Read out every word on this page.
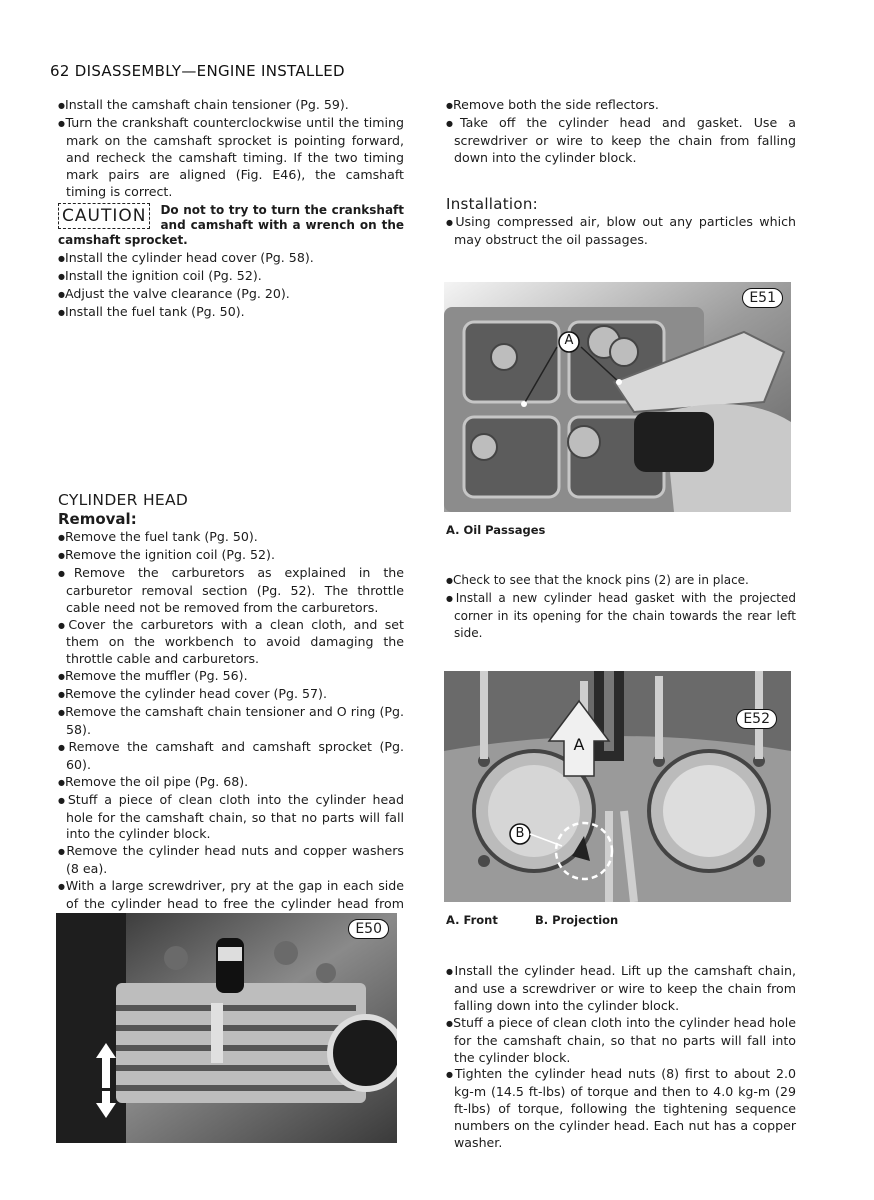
62 DISASSEMBLY—ENGINE INSTALLED

● Install the camshaft chain tensioner (Pg. 59).

● Turn the crankshaft counterclockwise until the timing mark on the camshaft sprocket is pointing forward, and recheck the camshaft timing. If the two timing mark pairs are aligned (Fig. E46), the camshaft timing is correct.

CAUTION	Do not to try to turn the crankshaft and camshaft with a wrench on the camshaft sprocket.

● Install the cylinder head cover (Pg. 58).

● Install the ignition coil (Pg. 52).

● Adjust the valve clearance (Pg. 20).

● Install the fuel tank (Pg. 50).

CYLINDER HEAD
Removal:

● Remove the fuel tank (Pg. 50).

● Remove the ignition coil (Pg. 52).

● Remove the carburetors as explained in the carburetor removal section (Pg. 52). The throttle cable need not be removed from the carburetors.

● Cover the carburetors with a clean cloth, and set them on the workbench to avoid damaging the throttle cable and carburetors.

● Remove the muffler (Pg. 56).

● Remove the cylinder head cover (Pg. 57).

● Remove the camshaft chain tensioner and O ring (Pg. 58).

● Remove the camshaft and camshaft sprocket (Pg. 60).

● Remove the oil pipe (Pg. 68).

● Stuff a piece of clean cloth into the cylinder head hole for the camshaft chain, so that no parts will fall into the cylinder block.

● Remove the cylinder head nuts and copper washers (8 ea).

● With a large screwdriver, pry at the gap in each side of the cylinder head to free the cylinder head from

E50

● Remove both the side reflectors.

● Take off the cylinder head and gasket. Use a screwdriver or wire to keep the chain from falling down into the cylinder block.

Installation:

● Using compressed air, blow out any particles which may obstruct the oil passages.

A
E51
A. Oil Passages

● Check to see that the knock pins (2) are in place.

● Install a new cylinder head gasket with the projected corner in its opening for the chain towards the rear left side.

A
B
E52
A. Front	B. Projection

● Install the cylinder head. Lift up the camshaft chain, and use a screwdriver or wire to keep the chain from falling down into the cylinder block.

● Stuff a piece of clean cloth into the cylinder head hole for the camshaft chain, so that no parts will fall into the cylinder block.

● Tighten the cylinder head nuts (8) first to about 2.0 kg-m (14.5 ft-lbs) of torque and then to 4.0 kg-m (29 ft-lbs) of torque, following the tightening sequence numbers on the cylinder head. Each nut has a copper washer.
